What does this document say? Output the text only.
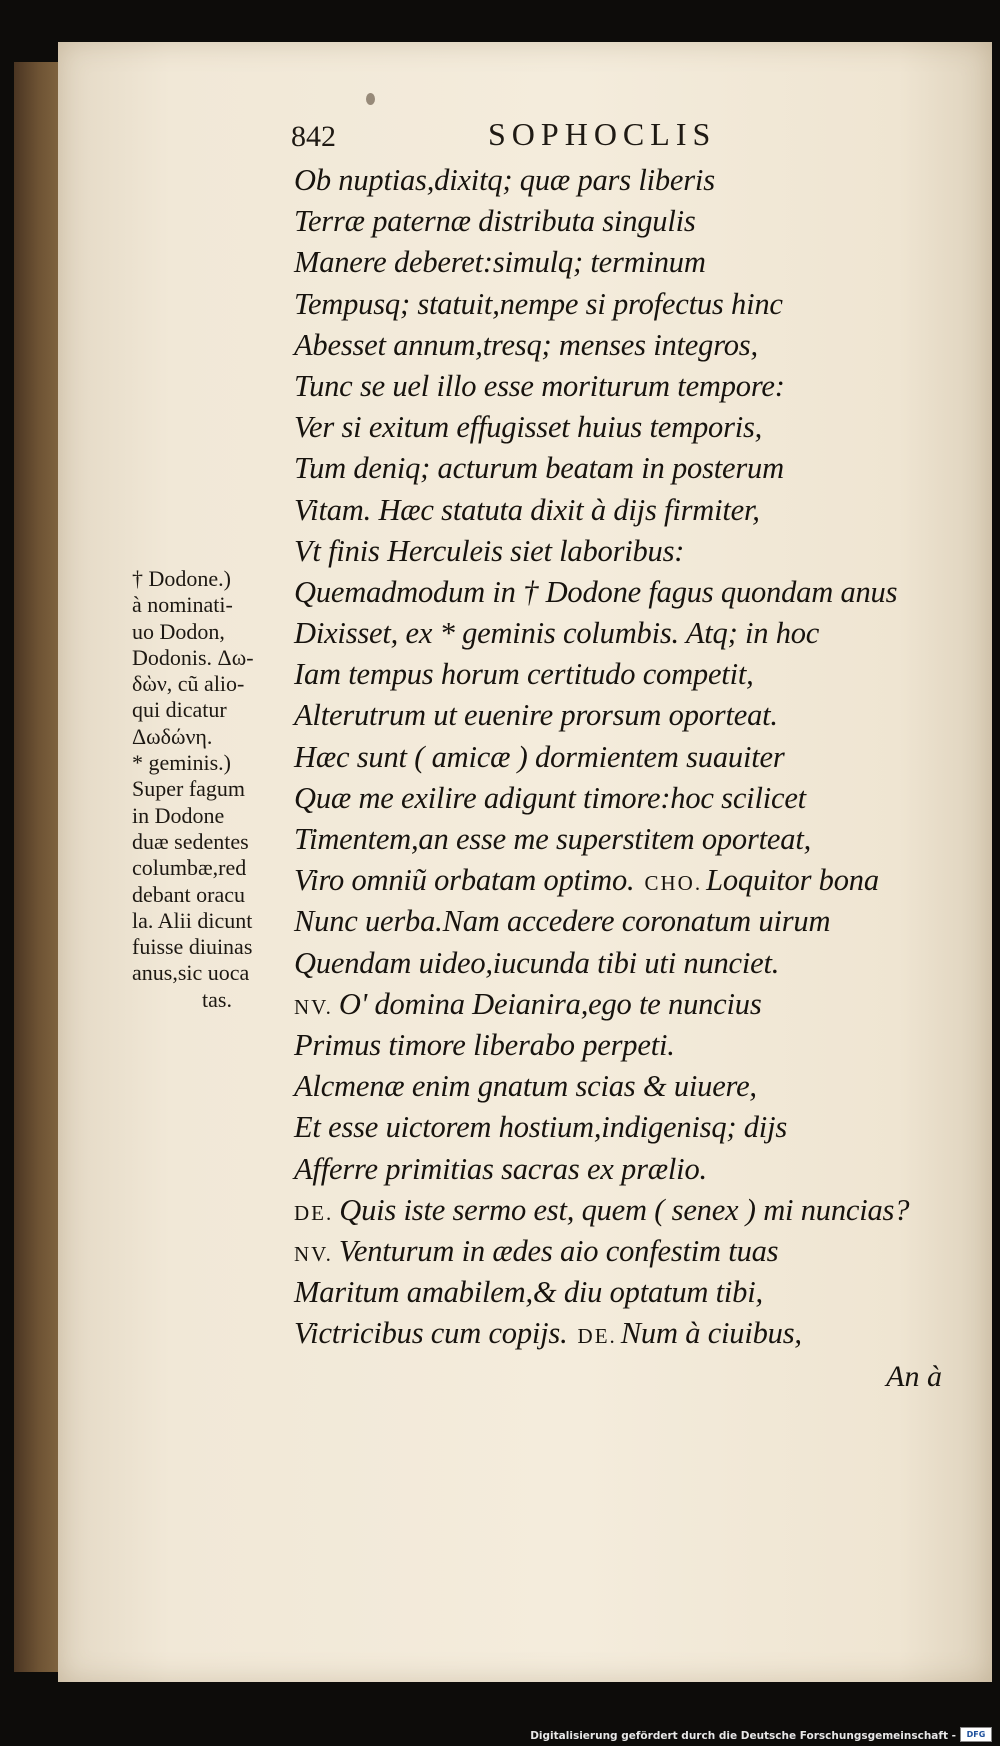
842	SOPHOCLIS
Ob nuptias,dixitq; quæ pars liberis
Terræ paternæ distributa singulis
Manere deberet:simulq; terminum
Tempusq; statuit,nempe si profectus hinc
Abesset annum,tresq; menses integros,
Tunc se uel illo esse moriturum tempore:
Ver si exitum effugisset huius temporis,
Tum deniq; acturum beatam in posterum
Vitam. Hæc statuta dixit à dijs firmiter,
Vt finis Herculeis siet laboribus:
Quemadmodum in † Dodone fagus quondam anus
Dixisset, ex * geminis columbis. Atq; in hoc
Iam tempus horum certitudo competit,
Alterutrum ut euenire prorsum oporteat.
Hæc sunt ( amicæ ) dormientem suauiter
Quæ me exilire adigunt timore:hoc scilicet
Timentem,an esse me superstitem oporteat,
Viro omniũ orbatam optimo. CHO. Loquitor bona
Nunc uerba.Nam accedere coronatum uirum
Quendam uideo,iucunda tibi uti nunciet.
NV. O' domina Deianira,ego te nuncius
Primus timore liberabo perpeti.
Alcmenæ enim gnatum scias & uiuere,
Et esse uictorem hostium,indigenisq; dijs
Afferre primitias sacras ex prælio.
DE. Quis iste sermo est, quem ( senex ) mi nuncias?
NV. Venturum in ædes aio confestim tuas
Maritum amabilem,& diu optatum tibi,
Victricibus cum copijs. DE. Num à ciuibus,
An à
† Dodone.)
à nominati-
uo Dodon,
Dodonis. Δω-
δὼν, cũ alio-
qui dicatur
Δωδώνη.
* geminis.)
Super fagum
in Dodone
duæ sedentes
columbæ,red
debant oracu
la. Alii dicunt
fuisse diuinas
anus,sic uoca
tas.
Digitalisierung gefördert durch die Deutsche Forschungsgemeinschaft -	DFG
